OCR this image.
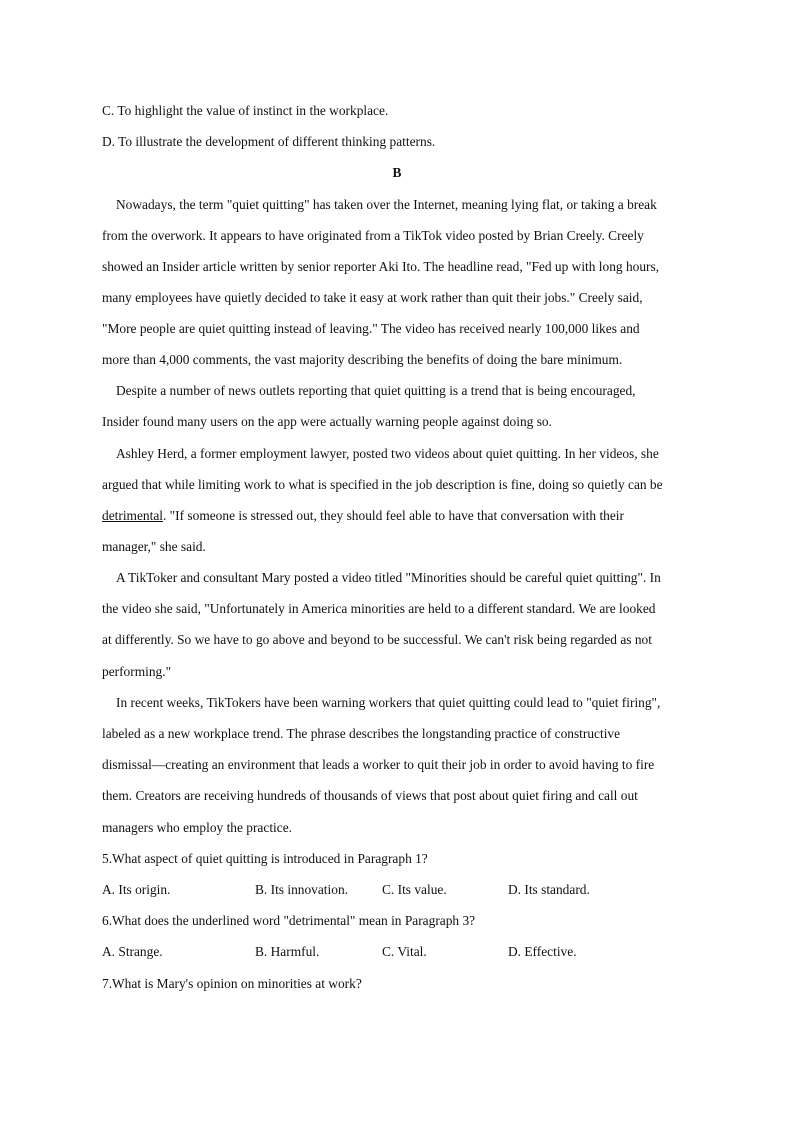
C. To highlight the value of instinct in the workplace.
D. To illustrate the development of different thinking patterns.
B
Nowadays, the term "quiet quitting" has taken over the Internet, meaning lying flat, or taking a break
from the overwork. It appears to have originated from a TikTok video posted by Brian Creely. Creely
showed an Insider article written by senior reporter Aki Ito. The headline read, "Fed up with long hours,
many employees have quietly decided to take it easy at work rather than quit their jobs." Creely said,
"More people are quiet quitting instead of leaving." The video has received nearly 100,000 likes and
more than 4,000 comments, the vast majority describing the benefits of doing the bare minimum.
Despite a number of news outlets reporting that quiet quitting is a trend that is being encouraged,
Insider found many users on the app were actually warning people against doing so.
Ashley Herd, a former employment lawyer, posted two videos about quiet quitting. In her videos, she
argued that while limiting work to what is specified in the job description is fine, doing so quietly can be
detrimental. "If someone is stressed out, they should feel able to have that conversation with their
manager," she said.
A TikToker and consultant Mary posted a video titled "Minorities should be careful quiet quitting". In
the video she said, "Unfortunately in America minorities are held to a different standard. We are looked
at differently. So we have to go above and beyond to be successful. We can't risk being regarded as not
performing."
In recent weeks, TikTokers have been warning workers that quiet quitting could lead to "quiet firing",
labeled as a new workplace trend. The phrase describes the longstanding practice of constructive
dismissal—creating an environment that leads a worker to quit their job in order to avoid having to fire
them. Creators are receiving hundreds of thousands of views that post about quiet firing and call out
managers who employ the practice.
5.What aspect of quiet quitting is introduced in Paragraph 1?
A. Its origin.	B. Its innovation.	C. Its value.	D. Its standard.
6.What does the underlined word "detrimental" mean in Paragraph 3?
A. Strange.	B. Harmful.	C. Vital.	D. Effective.
7.What is Mary's opinion on minorities at work?
